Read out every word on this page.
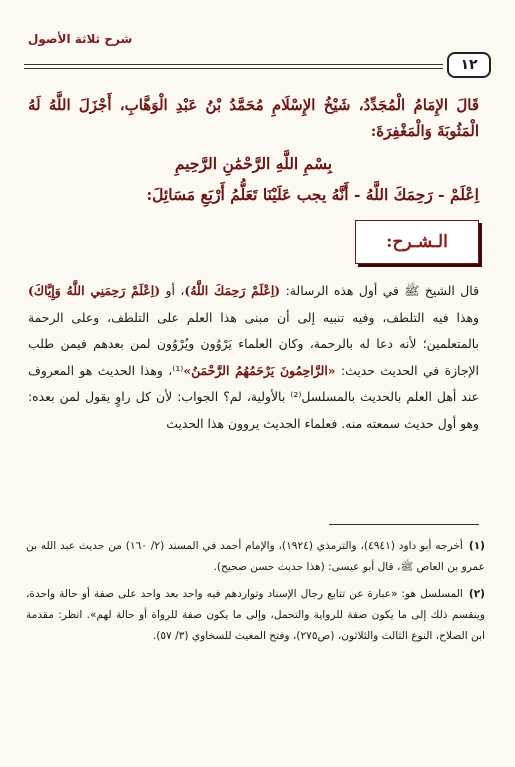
١٢
شرح ثلاثة الأصول

قَالَ الإِمَامُ الْمُجَدِّدُ، شَيْخُ الإِسْلَامِ مُحَمَّدُ بْنُ عَبْدِ الْوَهَّابِ، أَجْزَلَ اللَّهُ لَهُ الْمَثُوبَةَ وَالْمَغْفِرَةَ:

بِسْمِ اللَّهِ الرَّحْمَٰنِ الرَّحِيمِ

اِعْلَمْ - رَحِمَكَ اللَّهُ - أَنَّهُ يجب عَلَيْنَا تَعَلُّمُ أَرْبَعِ مَسَائِلَ:

الـشـرح:

قال الشيخ ﷺ في أول هذه الرسالة: (اِعْلَمْ رَحِمَكَ اللَّهُ)، أو (اِعْلَمْ رَحِمَنِي اللَّهُ وَإِيَّاكَ) وهذا فيه التلطف، وفيه تنبيه إلى أن مبنى هذا العلم على التلطف، وعلى الرحمة بالمتعلمين؛ لأنه دعا له بالرحمة، وكان العلماء يَرْوُون ويُرْوُون لمن بعدهم فيمن طلب الإجازة في الحديث حديث: «الرَّاحِمُونَ يَرْحَمُهُمُ الرَّحْمَنُ»⁽¹⁾، وهذا الحديث هو المعروف عند أهل العلم بالحديث بالمسلسل⁽²⁾ بالأولية، لم؟ الجواب: لأن كل راوٍ يقول لمن بعده: وهو أول حديث سمعته منه. فعلماء الحديث يروون هذا الحديث

(١)أخرجه أبو داود (٤٩٤١)، والترمذي (١٩٢٤)، والإمام أحمد في المسند (٢/ ١٦٠) من حديث عبد الله بن عمرو بن العاص ﷺ، قال أبو عيسى: (هذا حديث حسن صحيح).

(٢)المسلسل هو: «عبارة عن تتابع رجال الإسناد وتواردهم فيه واحد بعد واحد على صفة أو حالة واحدة، وينقسم ذلك إلى ما يكون صفة للرواية والتحمل، وإلى ما يكون صفة للرواة أو حالة لهم». انظر: مقدمة ابن الصلاح، النوع الثالث والثلاثون، (ص٢٧٥)، وفتح المغيث للسخاوي (٣/ ٥٧).
